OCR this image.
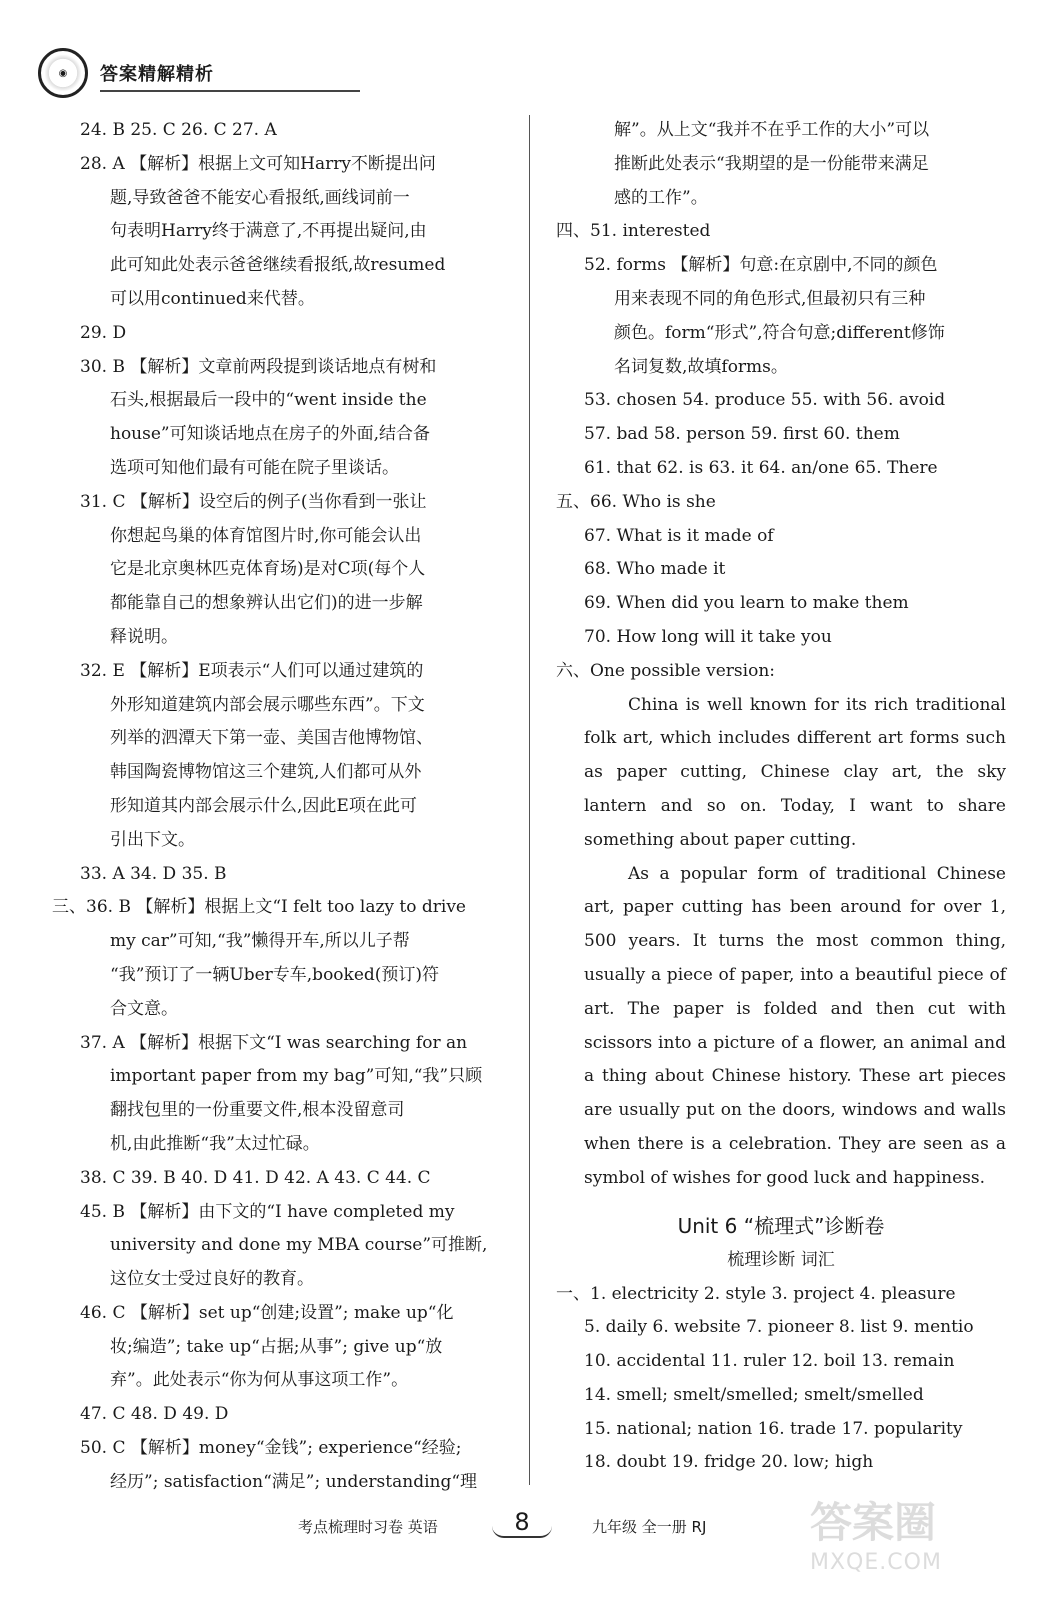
◉	答案精解精析
24. B 25. C 26. C 27. A
28. A 【解析】根据上文可知Harry不断提出问
题,导致爸爸不能安心看报纸,画线词前一
句表明Harry终于满意了,不再提出疑问,由
此可知此处表示爸爸继续看报纸,故resumed
可以用continued来代替。
29. D
30. B 【解析】文章前两段提到谈话地点有树和
石头,根据最后一段中的“went inside the
house”可知谈话地点在房子的外面,结合备
选项可知他们最有可能在院子里谈话。
31. C 【解析】设空后的例子(当你看到一张让
你想起鸟巢的体育馆图片时,你可能会认出
它是北京奥林匹克体育场)是对C项(每个人
都能靠自己的想象辨认出它们)的进一步解
释说明。
32. E 【解析】E项表示“人们可以通过建筑的
外形知道建筑内部会展示哪些东西”。下文
列举的泗潭天下第一壶、美国吉他博物馆、
韩国陶瓷博物馆这三个建筑,人们都可从外
形知道其内部会展示什么,因此E项在此可
引出下文。
33. A 34. D 35. B
三、36. B 【解析】根据上文“I felt too lazy to drive
my car”可知,“我”懒得开车,所以儿子帮
“我”预订了一辆Uber专车,booked(预订)符
合文意。
37. A 【解析】根据下文“I was searching for an
important paper from my bag”可知,“我”只顾
翻找包里的一份重要文件,根本没留意司
机,由此推断“我”太过忙碌。
38. C 39. B 40. D 41. D 42. A 43. C 44. C
45. B 【解析】由下文的“I have completed my
university and done my MBA course”可推断,
这位女士受过良好的教育。
46. C 【解析】set up“创建;设置”; make up“化
妆;编造”; take up“占据;从事”; give up“放
弃”。此处表示“你为何从事这项工作”。
47. C 48. D 49. D
50. C 【解析】money“金钱”; experience“经验;
经历”; satisfaction“满足”; understanding“理
解”。从上文“我并不在乎工作的大小”可以
推断此处表示“我期望的是一份能带来满足
感的工作”。
四、51. interested
52. forms 【解析】句意:在京剧中,不同的颜色
用来表现不同的角色形式,但最初只有三种
颜色。form“形式”,符合句意;different修饰
名词复数,故填forms。
53. chosen 54. produce 55. with 56. avoid
57. bad 58. person 59. first 60. them
61. that 62. is 63. it 64. an/one 65. There
五、66. Who is she
67. What is it made of
68. Who made it
69. When did you learn to make them
70. How long will it take you
六、One possible version:
China is well known for its rich traditional folk art, which includes different art forms such as paper cutting, Chinese clay art, the sky lantern and so on. Today, I want to share something about paper cutting.
As a popular form of traditional Chinese art, paper cutting has been around for over 1, 500 years. It turns the most common thing, usually a piece of paper, into a beautiful piece of art. The paper is folded and then cut with scissors into a picture of a flower, an animal and a thing about Chinese history. These art pieces are usually put on the doors, windows and walls when there is a celebration. They are seen as a symbol of wishes for good luck and happiness.
Unit 6 “梳理式”诊断卷
梳理诊断 词汇
一、1. electricity 2. style 3. project 4. pleasure
5. daily 6. website 7. pioneer 8. list 9. mentio
10. accidental 11. ruler 12. boil 13. remain
14. smell; smelt/smelled; smelt/smelled
15. national; nation 16. trade 17. popularity
18. doubt 19. fridge 20. low; high
考点梳理时习卷 英语	8	九年级 全一册 RJ 答案圈
MXQE.COM
